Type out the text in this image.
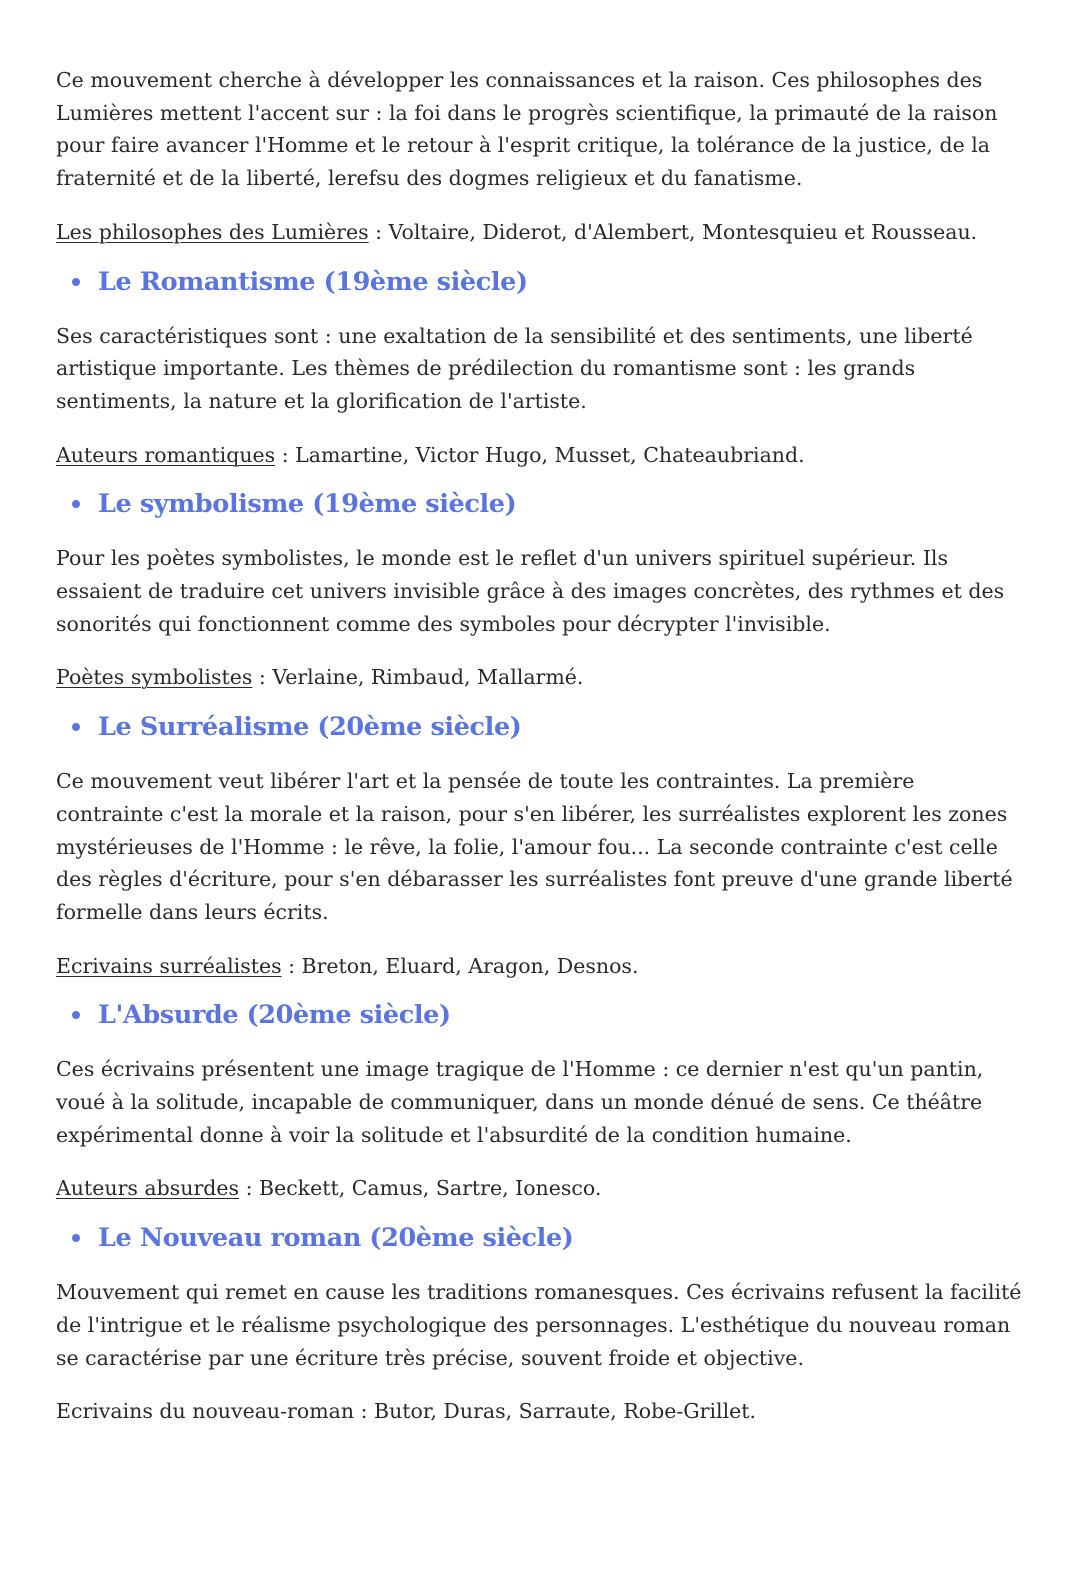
Ce mouvement cherche à développer les connaissances et la raison. Ces philosophes des Lumières mettent l'accent sur : la foi dans le progrès scientifique, la primauté de la raison pour faire avancer l'Homme et le retour à l'esprit critique, la tolérance de la justice, de la fraternité et de la liberté, lerefsu des dogmes religieux et du fanatisme.

Les philosophes des Lumières : Voltaire, Diderot, d'Alembert, Montesquieu et Rousseau.

Le Romantisme (19ème siècle)

Ses caractéristiques sont : une exaltation de la sensibilité et des sentiments, une liberté artistique importante. Les thèmes de prédilection du romantisme sont : les grands sentiments, la nature et la glorification de l'artiste.

Auteurs romantiques : Lamartine, Victor Hugo, Musset, Chateaubriand.

Le symbolisme (19ème siècle)

Pour les poètes symbolistes, le monde est le reflet d'un univers spirituel supérieur. Ils essaient de traduire cet univers invisible grâce à des images concrètes, des rythmes et des sonorités qui fonctionnent comme des symboles pour décrypter l'invisible.

Poètes symbolistes : Verlaine, Rimbaud, Mallarmé.

Le Surréalisme (20ème siècle)

Ce mouvement veut libérer l'art et la pensée de toute les contraintes. La première contrainte c'est la morale et la raison, pour s'en libérer, les surréalistes explorent les zones mystérieuses de l'Homme : le rêve, la folie, l'amour fou... La seconde contrainte c'est celle des règles d'écriture, pour s'en débarasser les surréalistes font preuve d'une grande liberté formelle dans leurs écrits.

Ecrivains surréalistes : Breton, Eluard, Aragon, Desnos.

L'Absurde (20ème siècle)

Ces écrivains présentent une image tragique de l'Homme : ce dernier n'est qu'un pantin, voué à la solitude, incapable de communiquer, dans un monde dénué de sens. Ce théâtre expérimental donne à voir la solitude et l'absurdité de la condition humaine.

Auteurs absurdes : Beckett, Camus, Sartre, Ionesco.

Le Nouveau roman (20ème siècle)

Mouvement qui remet en cause les traditions romanesques. Ces écrivains refusent la facilité de l'intrigue et le réalisme psychologique des personnages. L'esthétique du nouveau roman se caractérise par une écriture très précise, souvent froide et objective.

Ecrivains du nouveau-roman : Butor, Duras, Sarraute, Robe-Grillet.
